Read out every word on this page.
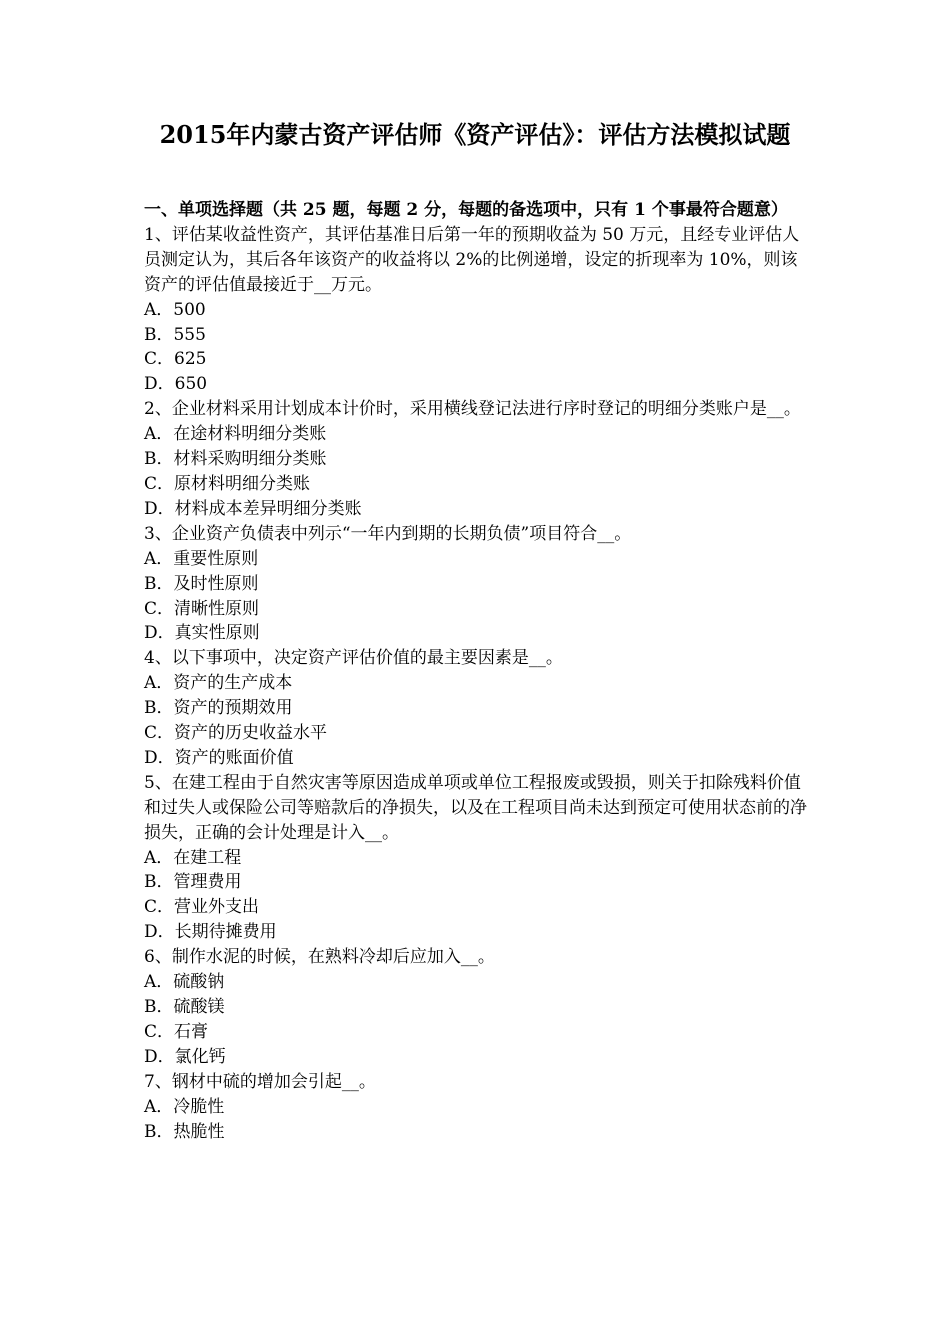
2015年内蒙古资产评估师《资产评估》：评估方法模拟试题

一、单项选择题（共 25 题，每题 2 分，每题的备选项中，只有 1 个事最符合题意）

1、评估某收益性资产，其评估基准日后第一年的预期收益为 50 万元，且经专业评估人员测定认为，其后各年该资产的收益将以 2%的比例递增，设定的折现率为 10%，则该资产的评估值最接近于__万元。

A．500

B．555

C．625

D．650

2、企业材料采用计划成本计价时，采用横线登记法进行序时登记的明细分类账户是__。

A．在途材料明细分类账

B．材料采购明细分类账

C．原材料明细分类账

D．材料成本差异明细分类账

3、企业资产负债表中列示“一年内到期的长期负债”项目符合__。

A．重要性原则

B．及时性原则

C．清晰性原则

D．真实性原则

4、以下事项中，决定资产评估价值的最主要因素是__。

A．资产的生产成本

B．资产的预期效用

C．资产的历史收益水平

D．资产的账面价值

5、在建工程由于自然灾害等原因造成单项或单位工程报废或毁损，则关于扣除残料价值和过失人或保险公司等赔款后的净损失，以及在工程项目尚未达到预定可使用状态前的净损失，正确的会计处理是计入__。

A．在建工程

B．管理费用

C．营业外支出

D．长期待摊费用

6、制作水泥的时候，在熟料冷却后应加入__。

A．硫酸钠

B．硫酸镁

C．石膏

D．氯化钙

7、钢材中硫的增加会引起__。

A．冷脆性

B．热脆性
